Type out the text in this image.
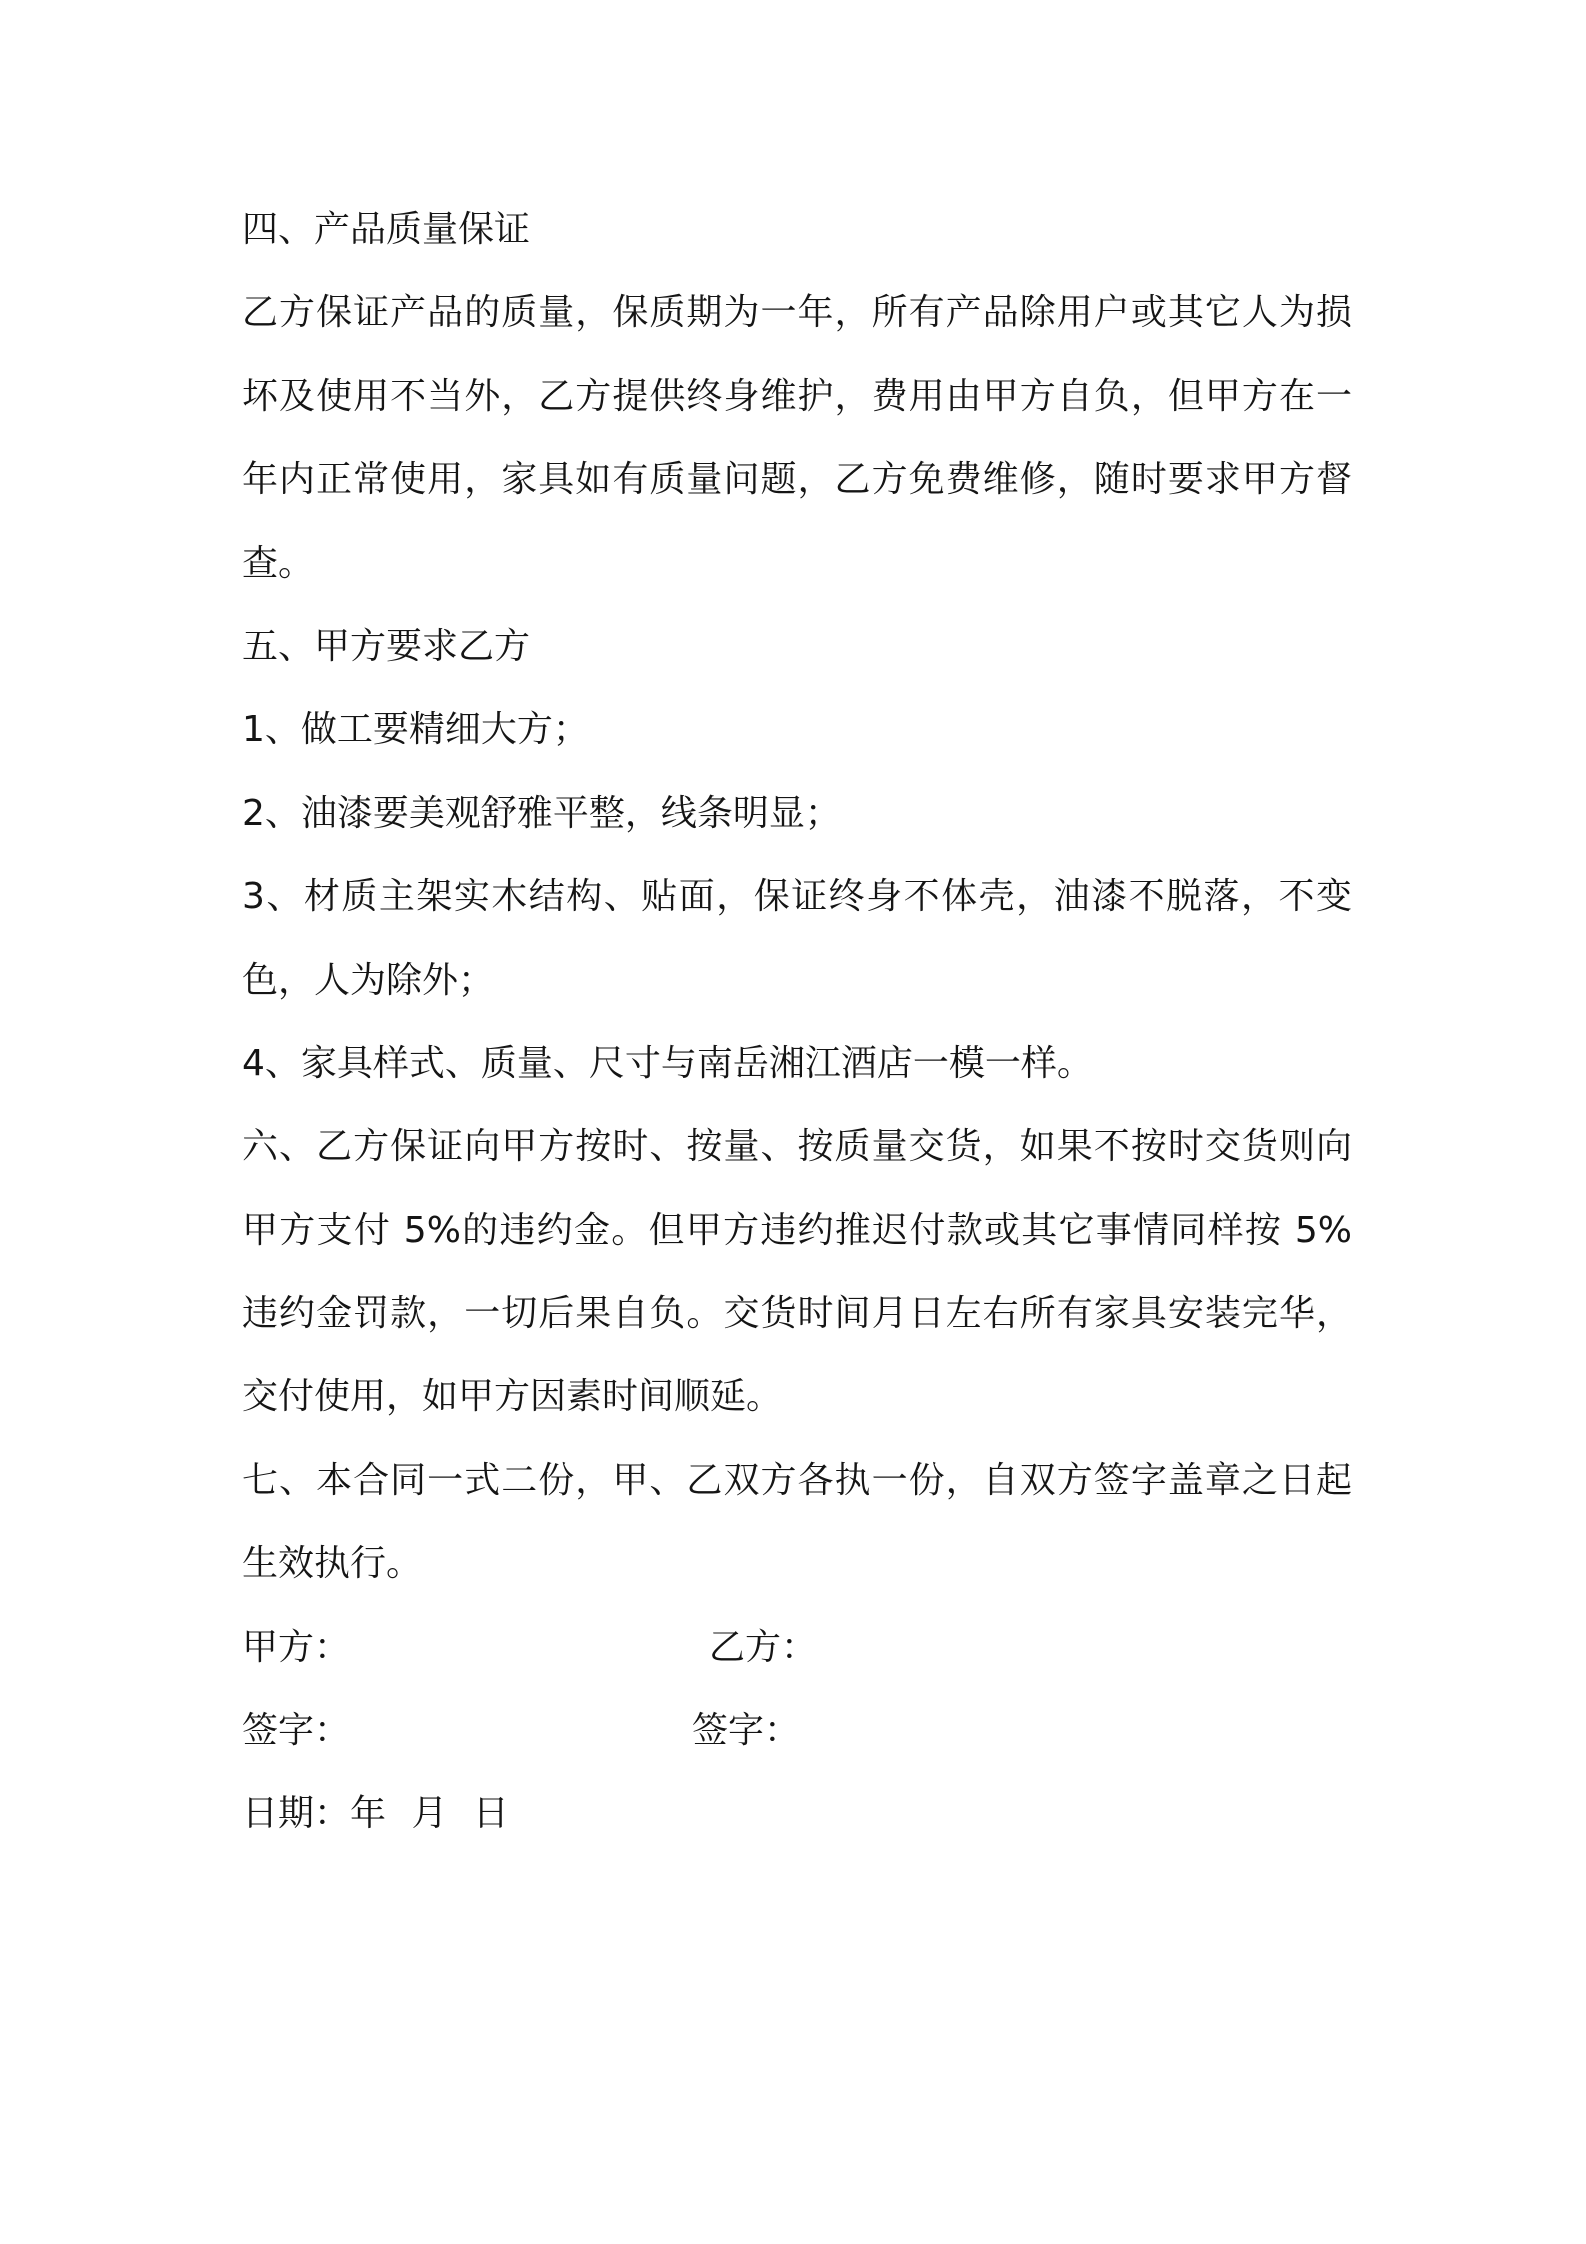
四、产品质量保证
乙方保证产品的质量，保质期为一年，所有产品除用户或其它人为损
坏及使用不当外，乙方提供终身维护，费用由甲方自负，但甲方在一
年内正常使用，家具如有质量问题，乙方免费维修，随时要求甲方督
查。
五、甲方要求乙方
1、做工要精细大方；
2、油漆要美观舒雅平整，线条明显；
3、材质主架实木结构、贴面，保证终身不体壳，油漆不脱落，不变
色，人为除外；
4、家具样式、质量、尺寸与南岳湘江酒店一模一样。
六、乙方保证向甲方按时、按量、按质量交货，如果不按时交货则向
甲方支付 5%的违约金。但甲方违约推迟付款或其它事情同样按 5%
违约金罚款，一切后果自负。交货时间月日左右所有家具安装完华，
交付使用，如甲方因素时间顺延。
七、本合同一式二份，甲、乙双方各执一份，自双方签字盖章之日起
生效执行。
甲方：	乙方：
签字：	签字：
日期：年 月 日
